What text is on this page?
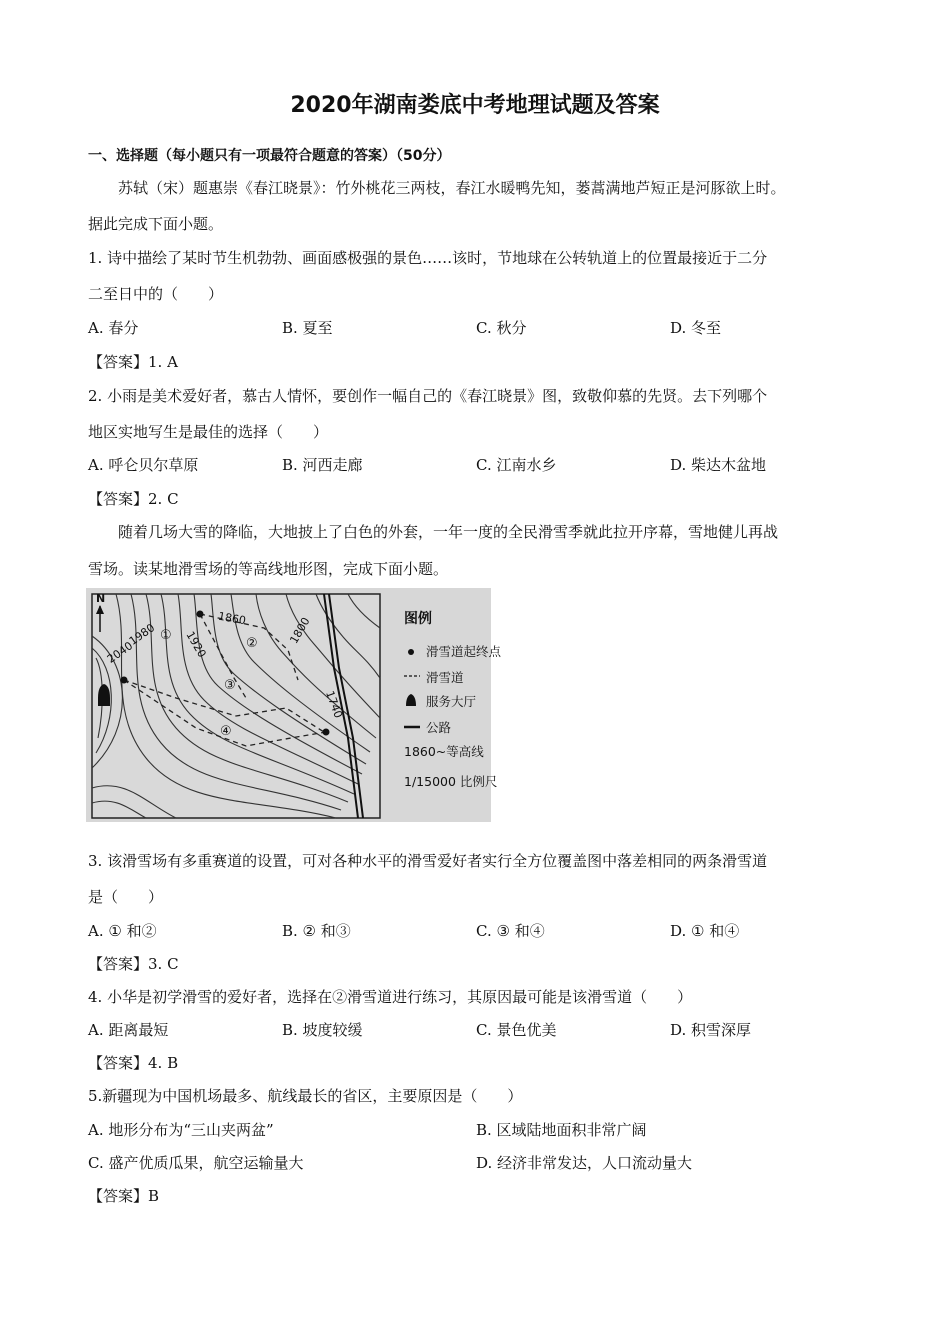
2020年湖南娄底中考地理试题及答案
一、选择题（每小题只有一项最符合题意的答案）（50分）
苏轼（宋）题惠崇《春江晓景》：竹外桃花三两枝，春江水暖鸭先知，蒌蒿满地芦短正是河豚欲上时。
据此完成下面小题。
1. 诗中描绘了某时节生机勃勃、画面感极强的景色……该时，节地球在公转轨道上的位置最接近于二分
二至日中的（　　）
A. 春分	B. 夏至	C. 秋分	D. 冬至
【答案】1. A
2. 小雨是美术爱好者，慕古人情怀，要创作一幅自己的《春江晓景》图，致敬仰慕的先贤。去下列哪个
地区实地写生是最佳的选择（　　）
A. 呼仑贝尔草原	B. 河西走廊	C. 江南水乡	D. 柴达木盆地
【答案】2. C
随着几场大雪的降临，大地披上了白色的外套，一年一度的全民滑雪季就此拉开序幕，雪地健儿再战
雪场。读某地滑雪场的等高线地形图，完成下面小题。
N
1980
2040	1920
1860	1800
1740
①
②
③
④
图例
滑雪道起终点
滑雪道
服务大厅
公路
1860~等高线
1/15000 比例尺
3. 该滑雪场有多重赛道的设置，可对各种水平的滑雪爱好者实行全方位覆盖图中落差相同的两条滑雪道
是（　　）
A. ① 和②	B. ② 和③	C. ③ 和④	D. ① 和④
【答案】3. C
4. 小华是初学滑雪的爱好者，选择在②滑雪道进行练习，其原因最可能是该滑雪道（　　）
A. 距离最短	B. 坡度较缓	C. 景色优美	D. 积雪深厚
【答案】4. B
5.新疆现为中国机场最多、航线最长的省区，主要原因是（　　）
A. 地形分布为“三山夹两盆”	B. 区域陆地面积非常广阔
C. 盛产优质瓜果，航空运输量大	D. 经济非常发达，人口流动量大
【答案】B
